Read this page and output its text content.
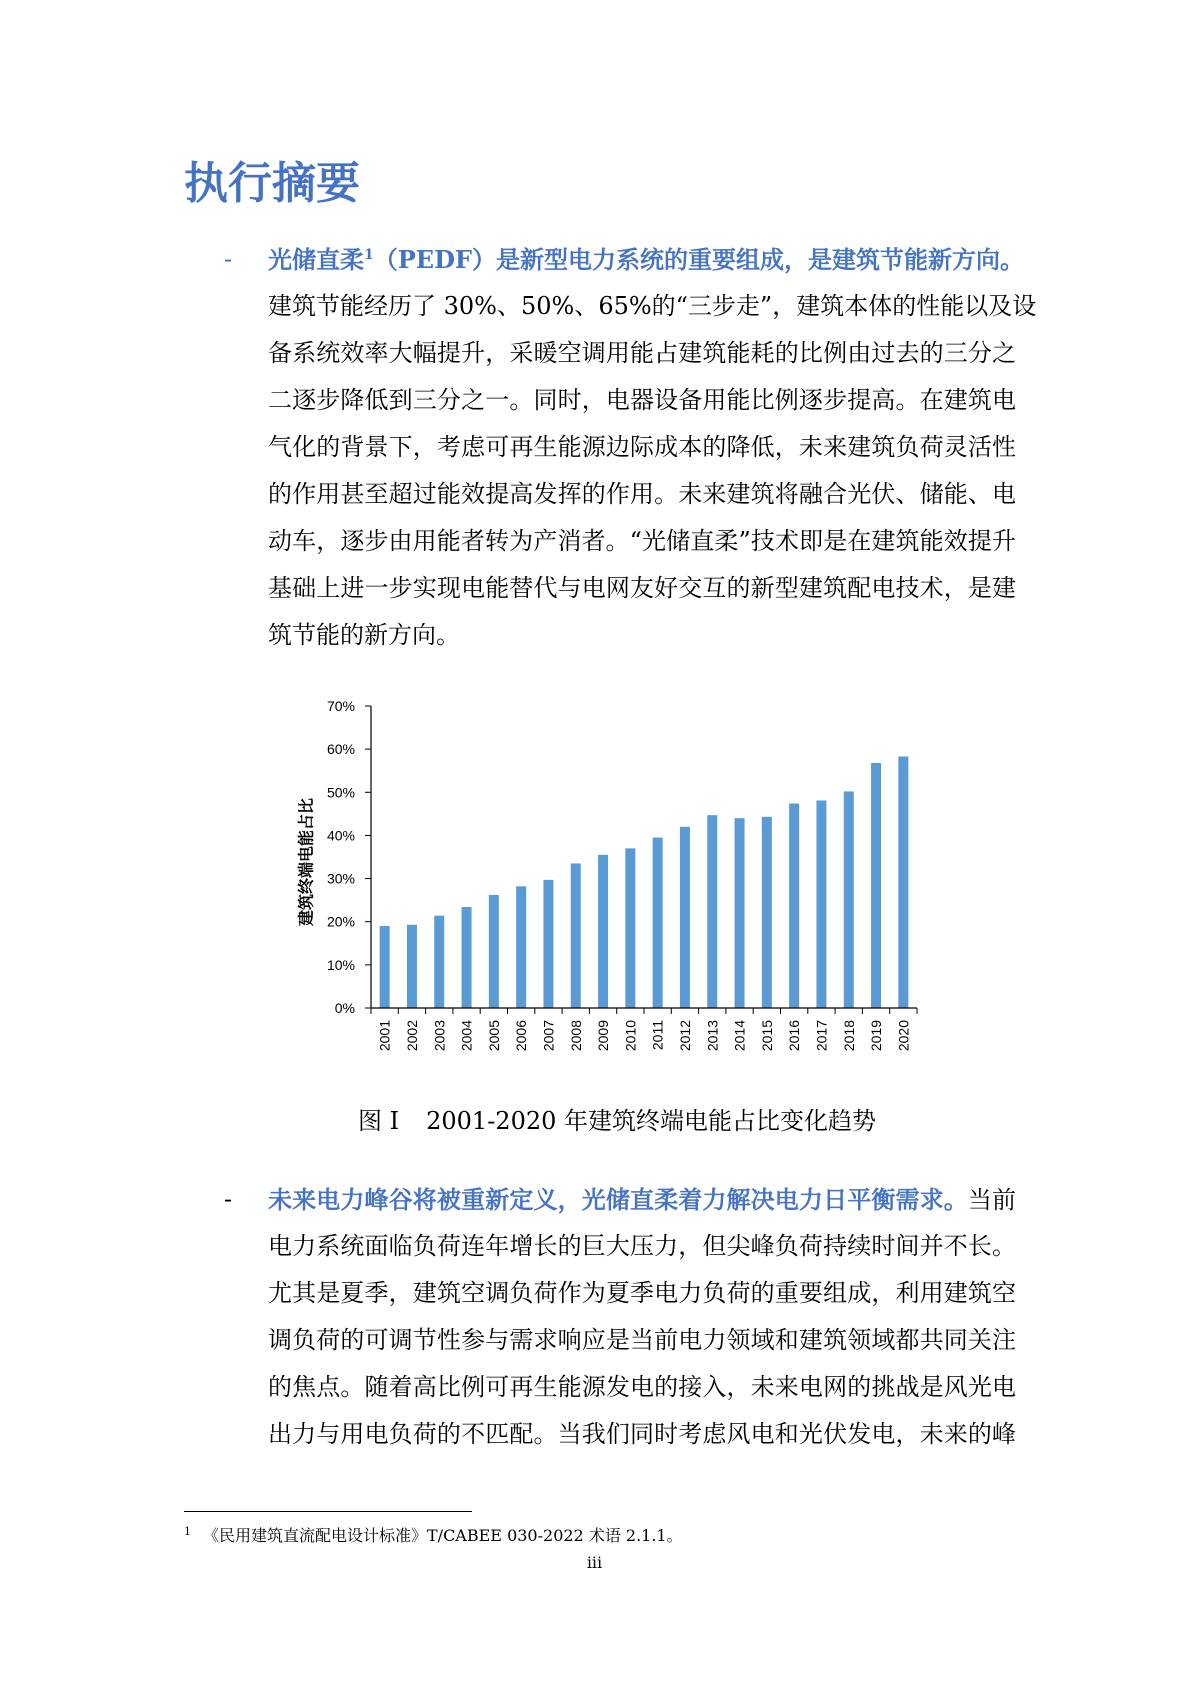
执行摘要
- 光储直柔$^1$（PEDF）是新型电力系统的重要组成，是建筑节能新方向。
建筑节能经历了 30%、50%、65%的“三步走”，建筑本体的性能以及设
备系统效率大幅提升，采暖空调用能占建筑能耗的比例由过去的三分之
二逐步降低到三分之一。同时，电器设备用能比例逐步提高。在建筑电
气化的背景下，考虑可再生能源边际成本的降低，未来建筑负荷灵活性
的作用甚至超过能效提高发挥的作用。未来建筑将融合光伏、储能、电
动车，逐步由用能者转为产消者。“光储直柔”技术即是在建筑能效提升
基础上进一步实现电能替代与电网友好交互的新型建筑配电技术，是建
筑节能的新方向。
建筑终端电能占比
0%
10%
20%
30%
40%
50%
60%
70%
2001 2002 2003 2004 2005 2006 2007 2008 2009 2010 2011 2012 2013 2014 2015 2016 2017 2018 2019 2020
图 I 2001-2020 年建筑终端电能占比变化趋势
- 未来电力峰谷将被重新定义，光储直柔着力解决电力日平衡需求。当前
电力系统面临负荷连年增长的巨大压力，但尖峰负荷持续时间并不长。
尤其是夏季，建筑空调负荷作为夏季电力负荷的重要组成，利用建筑空
调负荷的可调节性参与需求响应是当前电力领域和建筑领域都共同关注
的焦点。随着高比例可再生能源发电的接入，未来电网的挑战是风光电
出力与用电负荷的不匹配。当我们同时考虑风电和光伏发电，未来的峰
1 《民用建筑直流配电设计标准》T/CABEE 030-2022 术语 2.1.1。
iii
